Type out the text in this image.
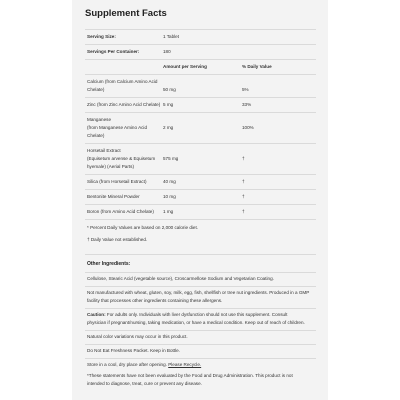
Supplement Facts
Serving Size:	1 Tablet
Servings Per Container:	180
Amount per Serving	% Daily Value
Calcium (from Calcium Amino Acid
Chelate)	50 mg	5%
Zinc (from Zinc Amino Acid Chelate) 5 mg	33%
Manganese
(from Manganese Amino Acid
Chelate)
2 mg	100%
Horsetail Extract
(Equisetum arvense & Equisetum
hyemale) (Aerial Parts)
575 mg	†
Silica (from Horsetail Extract)	40 mg	†
Bentonite Mineral Powder	10 mg	†
Boron (from Amino Acid Chelate)	1 mg	†
* Percent Daily Values are based on 2,000 calorie diet.
† Daily Value not established.
Other Ingredients:
Cellulose, Stearic Acid (vegetable source), Croscarmellose Sodium and Vegetarian Coating.
Not manufactured with wheat, gluten, soy, milk, egg, fish, shellfish or tree nut ingredients. Produced in a GMP
facility that processes other ingredients containing these allergens.
Caution: For adults only. Individuals with liver dysfunction should not use this supplement. Consult
physician if pregnant/nursing, taking medication, or have a medical condition. Keep out of reach of children.
Natural color variations may occur in this product.
Do Not Eat Freshness Packet. Keep in Bottle.
Store in a cool, dry place after opening. Please Recycle.
*These statements have not been evaluated by the Food and Drug Administration. This product is not
intended to diagnose, treat, cure or prevent any disease.
